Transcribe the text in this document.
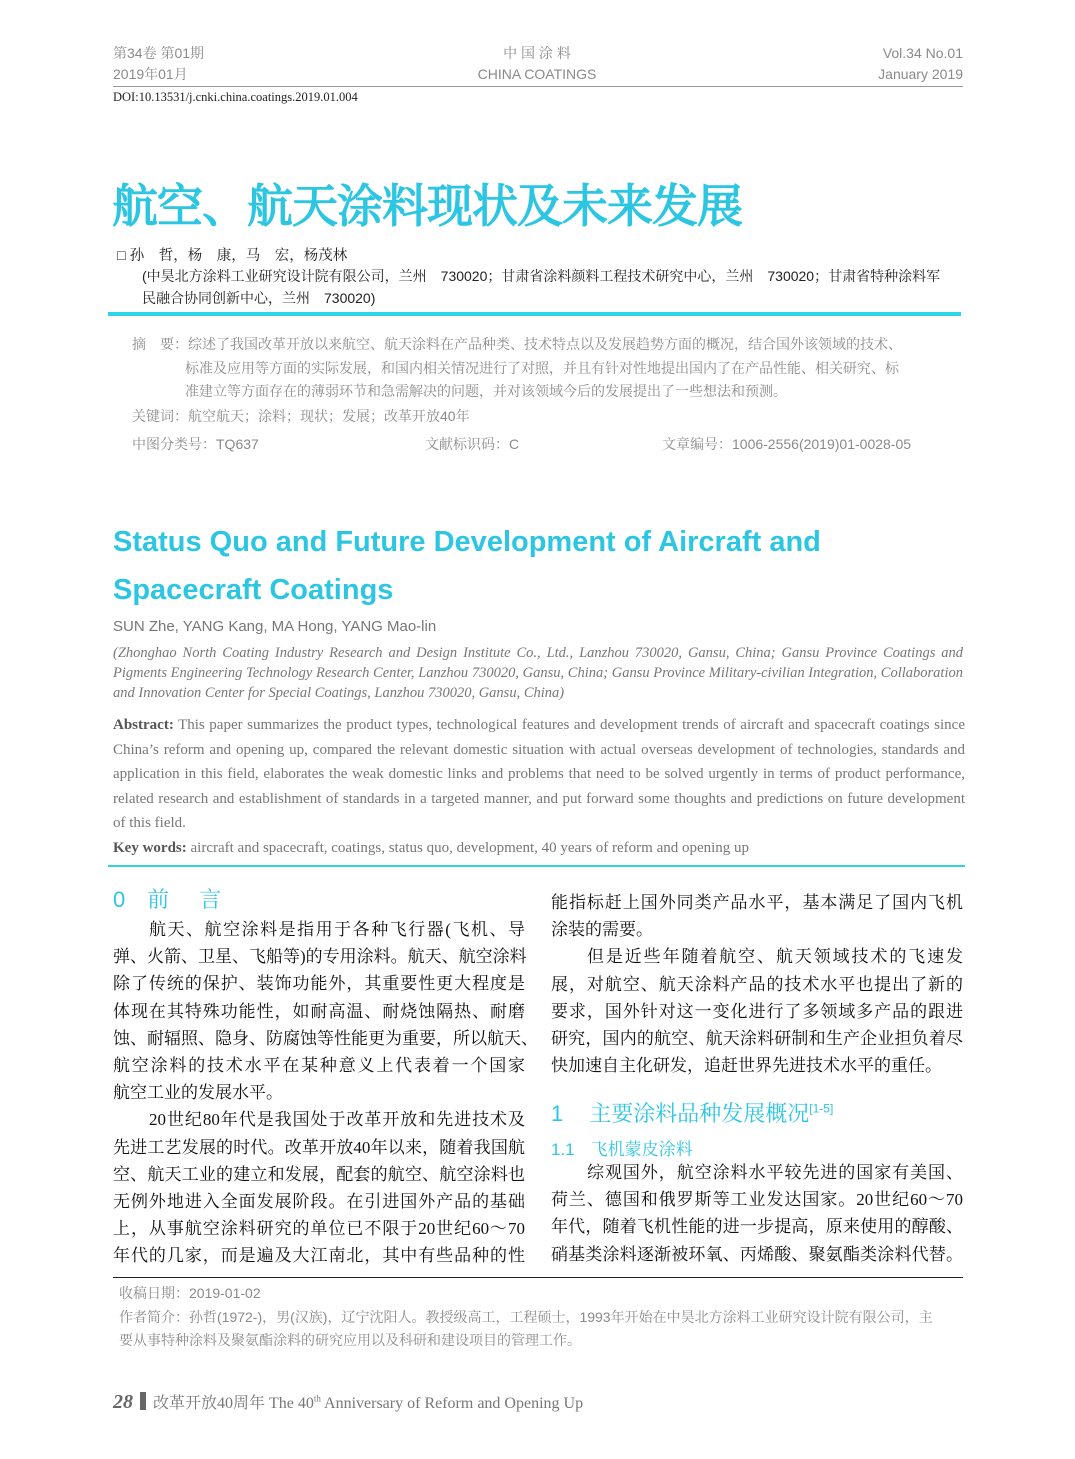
第34卷 第01期
2019年01月
中 国 涂 料
CHINA COATINGS
Vol.34 No.01
January 2019
DOI:10.13531/j.cnki.china.coatings.2019.01.004
航空、航天涂料现状及未来发展
□ 孙　哲，杨　康，马　宏，杨茂林
(中昊北方涂料工业研究设计院有限公司，兰州　730020；甘肃省涂料颜料工程技术研究中心，兰州　730020；甘肃省特种涂料军
民融合协同创新中心，兰州　730020)
摘　要：综述了我国改革开放以来航空、航天涂料在产品种类、技术特点以及发展趋势方面的概况，结合国外该领域的技术、
标准及应用等方面的实际发展，和国内相关情况进行了对照，并且有针对性地提出国内了在产品性能、相关研究、标
准建立等方面存在的薄弱环节和急需解决的问题，并对该领域今后的发展提出了一些想法和预测。
关键词：航空航天；涂料；现状；发展；改革开放40年
中图分类号：TQ637	文献标识码：C	文章编号：1006-2556(2019)01-0028-05
Status Quo and Future Development of Aircraft and
Spacecraft Coatings
SUN Zhe, YANG Kang, MA Hong, YANG Mao-lin
(Zhonghao North Coating Industry Research and Design Institute Co., Ltd., Lanzhou 730020, Gansu, China; Gansu Province Coatings and Pigments Engineering Technology Research Center, Lanzhou 730020, Gansu, China; Gansu Province Military-civilian Integration, Collaboration and Innovation Center for Special Coatings, Lanzhou 730020, Gansu, China)
Abstract: This paper summarizes the product types, technological features and development trends of aircraft and spacecraft coatings since China’s reform and opening up, compared the relevant domestic situation with actual overseas development of technologies, standards and application in this field, elaborates the weak domestic links and problems that need to be solved urgently in terms of product performance, related research and establishment of standards in a targeted manner, and put forward some thoughts and predictions on future development of this field.
Key words: aircraft and spacecraft, coatings, status quo, development, 40 years of reform and opening up
0 前　言
航天、航空涂料是指用于各种飞行器(飞机、导
弹、火箭、卫星、飞船等)的专用涂料。航天、航空涂料
除了传统的保护、装饰功能外，其重要性更大程度是
体现在其特殊功能性，如耐高温、耐烧蚀隔热、耐磨
蚀、耐辐照、隐身、防腐蚀等性能更为重要，所以航天、
航空涂料的技术水平在某种意义上代表着一个国家
航空工业的发展水平。
20世纪80年代是我国处于改革开放和先进技术及
先进工艺发展的时代。改革开放40年以来，随着我国航
空、航天工业的建立和发展，配套的航空、航空涂料也
无例外地进入全面发展阶段。在引进国外产品的基础
上，从事航空涂料研究的单位已不限于20世纪60～70
年代的几家，而是遍及大江南北，其中有些品种的性
能指标赶上国外同类产品水平，基本满足了国内飞机
涂装的需要。
但是近些年随着航空、航天领域技术的飞速发
展，对航空、航天涂料产品的技术水平也提出了新的
要求，国外针对这一变化进行了多领域多产品的跟进
研究，国内的航空、航天涂料研制和生产企业担负着尽
快加速自主化研发，追赶世界先进技术水平的重任。
1 主要涂料品种发展概况[1-5]
1.1 飞机蒙皮涂料
综观国外，航空涂料水平较先进的国家有美国、
荷兰、德国和俄罗斯等工业发达国家。20世纪60～70
年代，随着飞机性能的进一步提高，原来使用的醇酸、
硝基类涂料逐渐被环氧、丙烯酸、聚氨酯类涂料代替。
收稿日期：2019-01-02
作者简介：孙哲(1972-)，男(汉族)，辽宁沈阳人。教授级高工，工程硕士，1993年开始在中昊北方涂料工业研究设计院有限公司，主
要从事特种涂料及聚氨酯涂料的研究应用以及科研和建设项目的管理工作。
28 改革开放40周年 The 40th Anniversary of Reform and Opening Up
